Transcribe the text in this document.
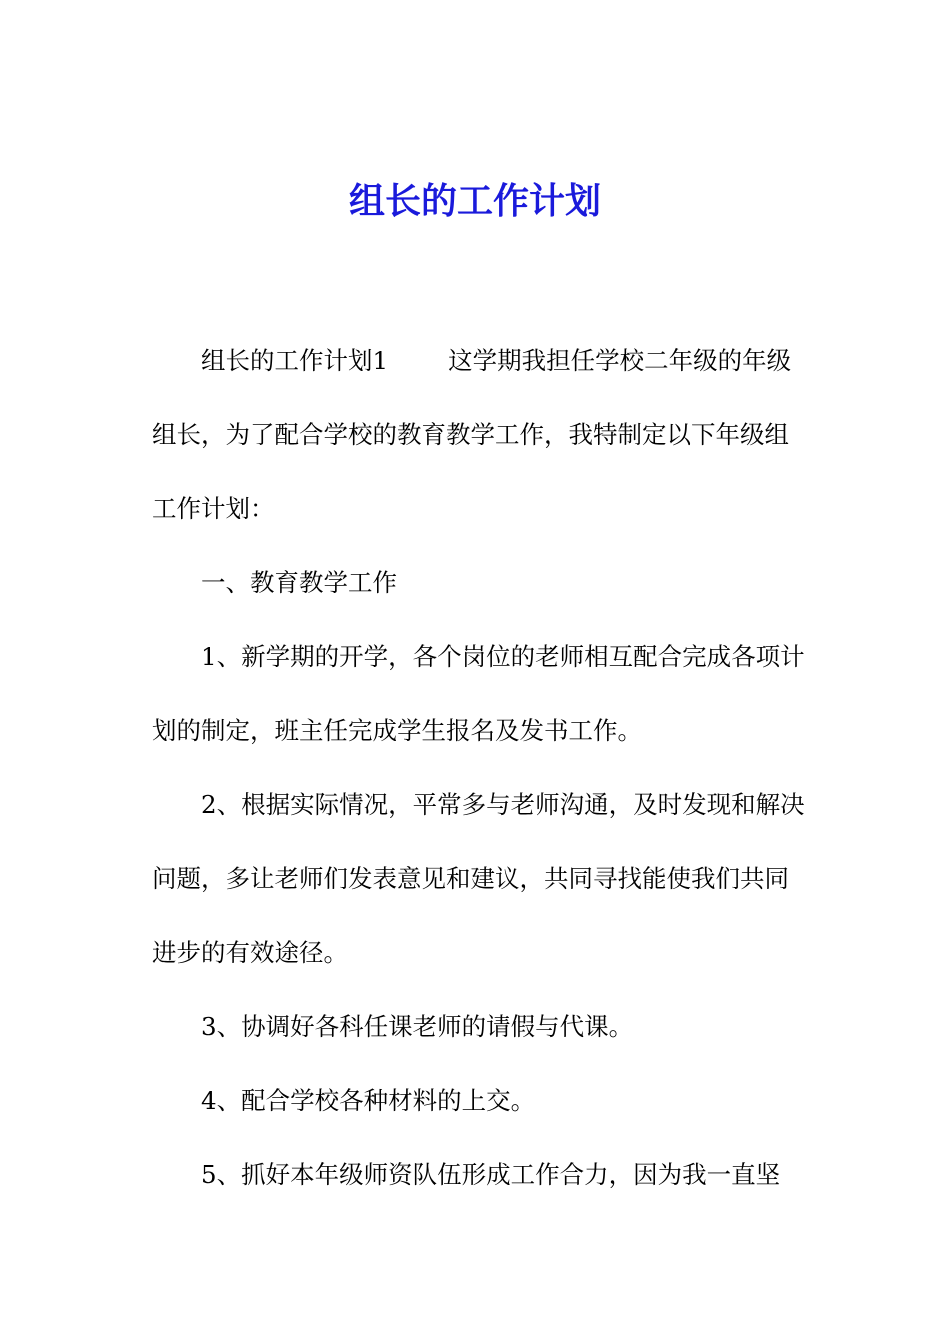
组长的工作计划

组长的工作计划1 这学期我担任学校二年级的年级组长，为了配合学校的教育教学工作，我特制定以下年级组工作计划：

一、教育教学工作

1、新学期的开学，各个岗位的老师相互配合完成各项计划的制定，班主任完成学生报名及发书工作。

2、根据实际情况，平常多与老师沟通，及时发现和解决问题，多让老师们发表意见和建议，共同寻找能使我们共同进步的有效途径。

3、协调好各科任课老师的请假与代课。

4、配合学校各种材料的上交。

5、抓好本年级师资队伍形成工作合力，因为我一直坚
